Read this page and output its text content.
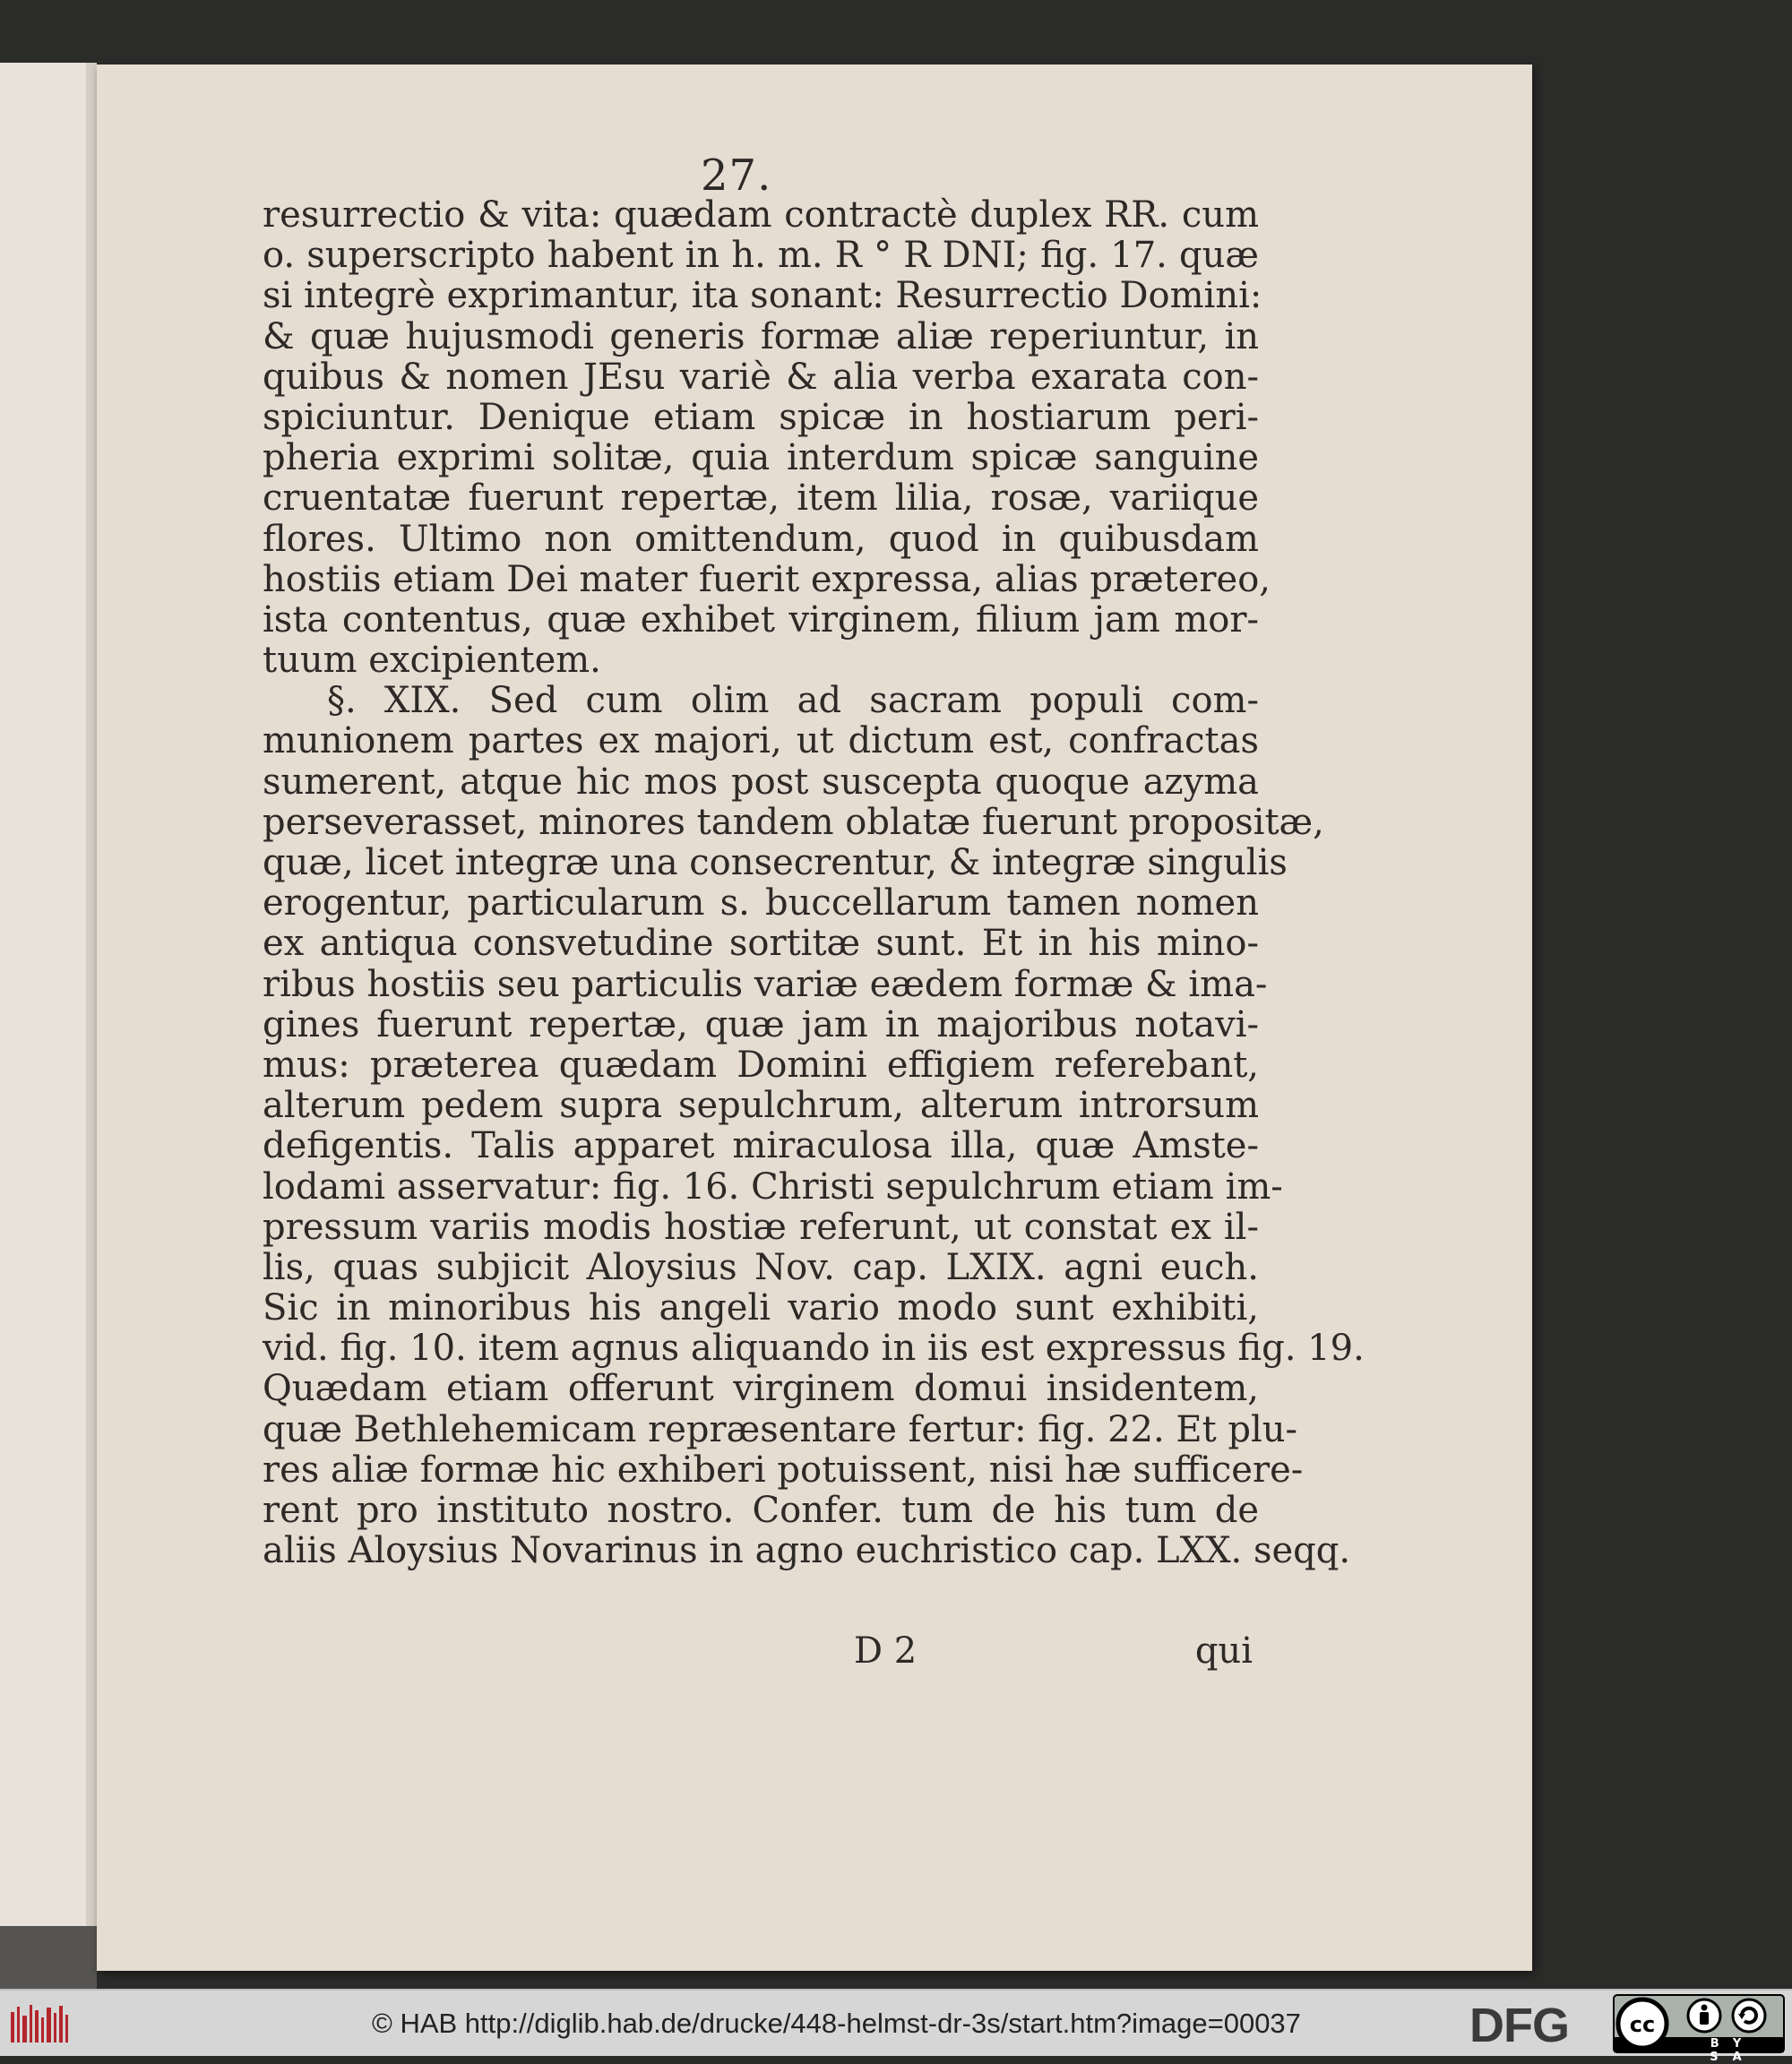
27.
resurrectio & vita: quædam contractè duplex RR. cum
o. superscripto habent in h. m. R ° R DNI; fig. 17. quæ
si integrè exprimantur, ita sonant: Resurrectio Domini:
& quæ hujusmodi generis formæ aliæ reperiuntur, in
quibus & nomen JEsu variè & alia verba exarata con-
spiciuntur. Denique etiam spicæ in hostiarum peri-
pheria exprimi solitæ, quia interdum spicæ sanguine
cruentatæ fuerunt repertæ, item lilia, rosæ, variique
flores. Ultimo non omittendum, quod in quibusdam
hostiis etiam Dei mater fuerit expressa, alias prætereo,
ista contentus, quæ exhibet virginem, filium jam mor-
tuum excipientem.
§. XIX. Sed cum olim ad sacram populi com-
munionem partes ex majori, ut dictum est, confractas
sumerent, atque hic mos post suscepta quoque azyma
perseverasset, minores tandem oblatæ fuerunt propositæ,
quæ, licet integræ una consecrentur, & integræ singulis
erogentur, particularum s. buccellarum tamen nomen
ex antiqua consvetudine sortitæ sunt. Et in his mino-
ribus hostiis seu particulis variæ eædem formæ & ima-
gines fuerunt repertæ, quæ jam in majoribus notavi-
mus: præterea quædam Domini effigiem referebant,
alterum pedem supra sepulchrum, alterum introrsum
defigentis. Talis apparet miraculosa illa, quæ Amste-
lodami asservatur: fig. 16. Christi sepulchrum etiam im-
pressum variis modis hostiæ referunt, ut constat ex il-
lis, quas subjicit Aloysius Nov. cap. LXIX. agni euch.
Sic in minoribus his angeli vario modo sunt exhibiti,
vid. fig. 10. item agnus aliquando in iis est expressus fig. 19.
Quædam etiam offerunt virginem domui insidentem,
quæ Bethlehemicam repræsentare fertur: fig. 22. Et plu-
res aliæ formæ hic exhiberi potuissent, nisi hæ sufficere-
rent pro instituto nostro. Confer. tum de his tum de
aliis Aloysius Novarinus in agno euchristico cap. LXX. seqq.
D 2	qui
© HAB http://diglib.hab.de/drucke/448-helmst-dr-3s/start.htm?image=00037	DFG	cc
BY SA
